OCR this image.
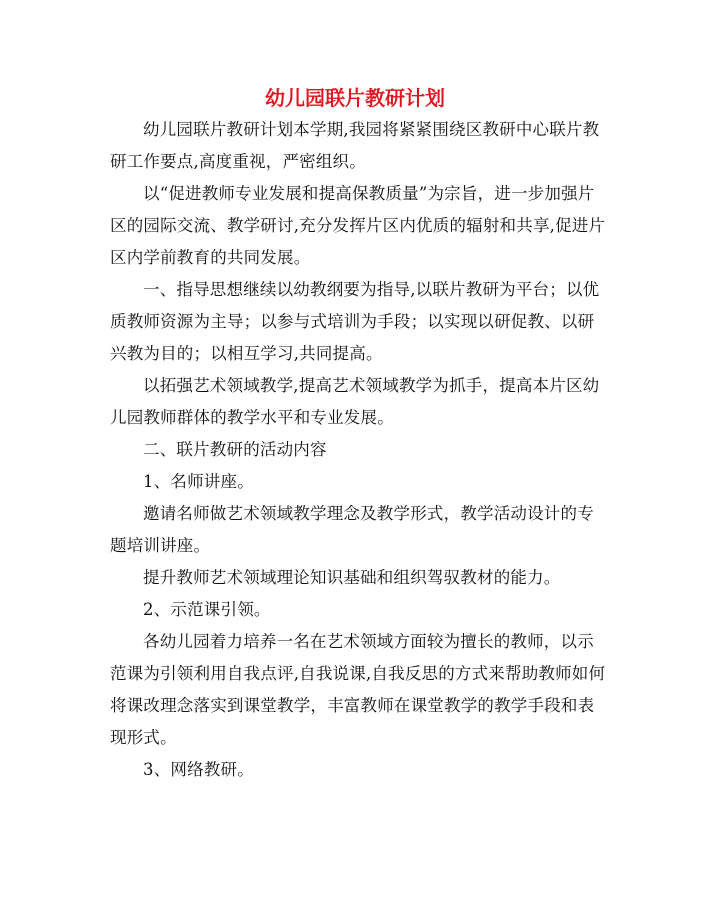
幼儿园联片教研计划

幼儿园联片教研计划本学期,我园将紧紧围绕区教研中心联片教研工作要点,高度重视，严密组织。

以“促进教师专业发展和提高保教质量”为宗旨，进一步加强片区的园际交流、教学研讨,充分发挥片区内优质的辐射和共享,促进片区内学前教育的共同发展。

一、指导思想继续以幼教纲要为指导,以联片教研为平台；以优质教师资源为主导；以参与式培训为手段；以实现以研促教、以研兴教为目的；以相互学习,共同提高。

以拓强艺术领域教学,提高艺术领域教学为抓手，提高本片区幼儿园教师群体的教学水平和专业发展。

二、联片教研的活动内容

1、名师讲座。

邀请名师做艺术领域教学理念及教学形式，教学活动设计的专题培训讲座。

提升教师艺术领域理论知识基础和组织驾驭教材的能力。

2、示范课引领。

各幼儿园着力培养一名在艺术领域方面较为擅长的教师，以示范课为引领利用自我点评,自我说课,自我反思的方式来帮助教师如何将课改理念落实到课堂教学，丰富教师在课堂教学的教学手段和表现形式。

3、网络教研。
